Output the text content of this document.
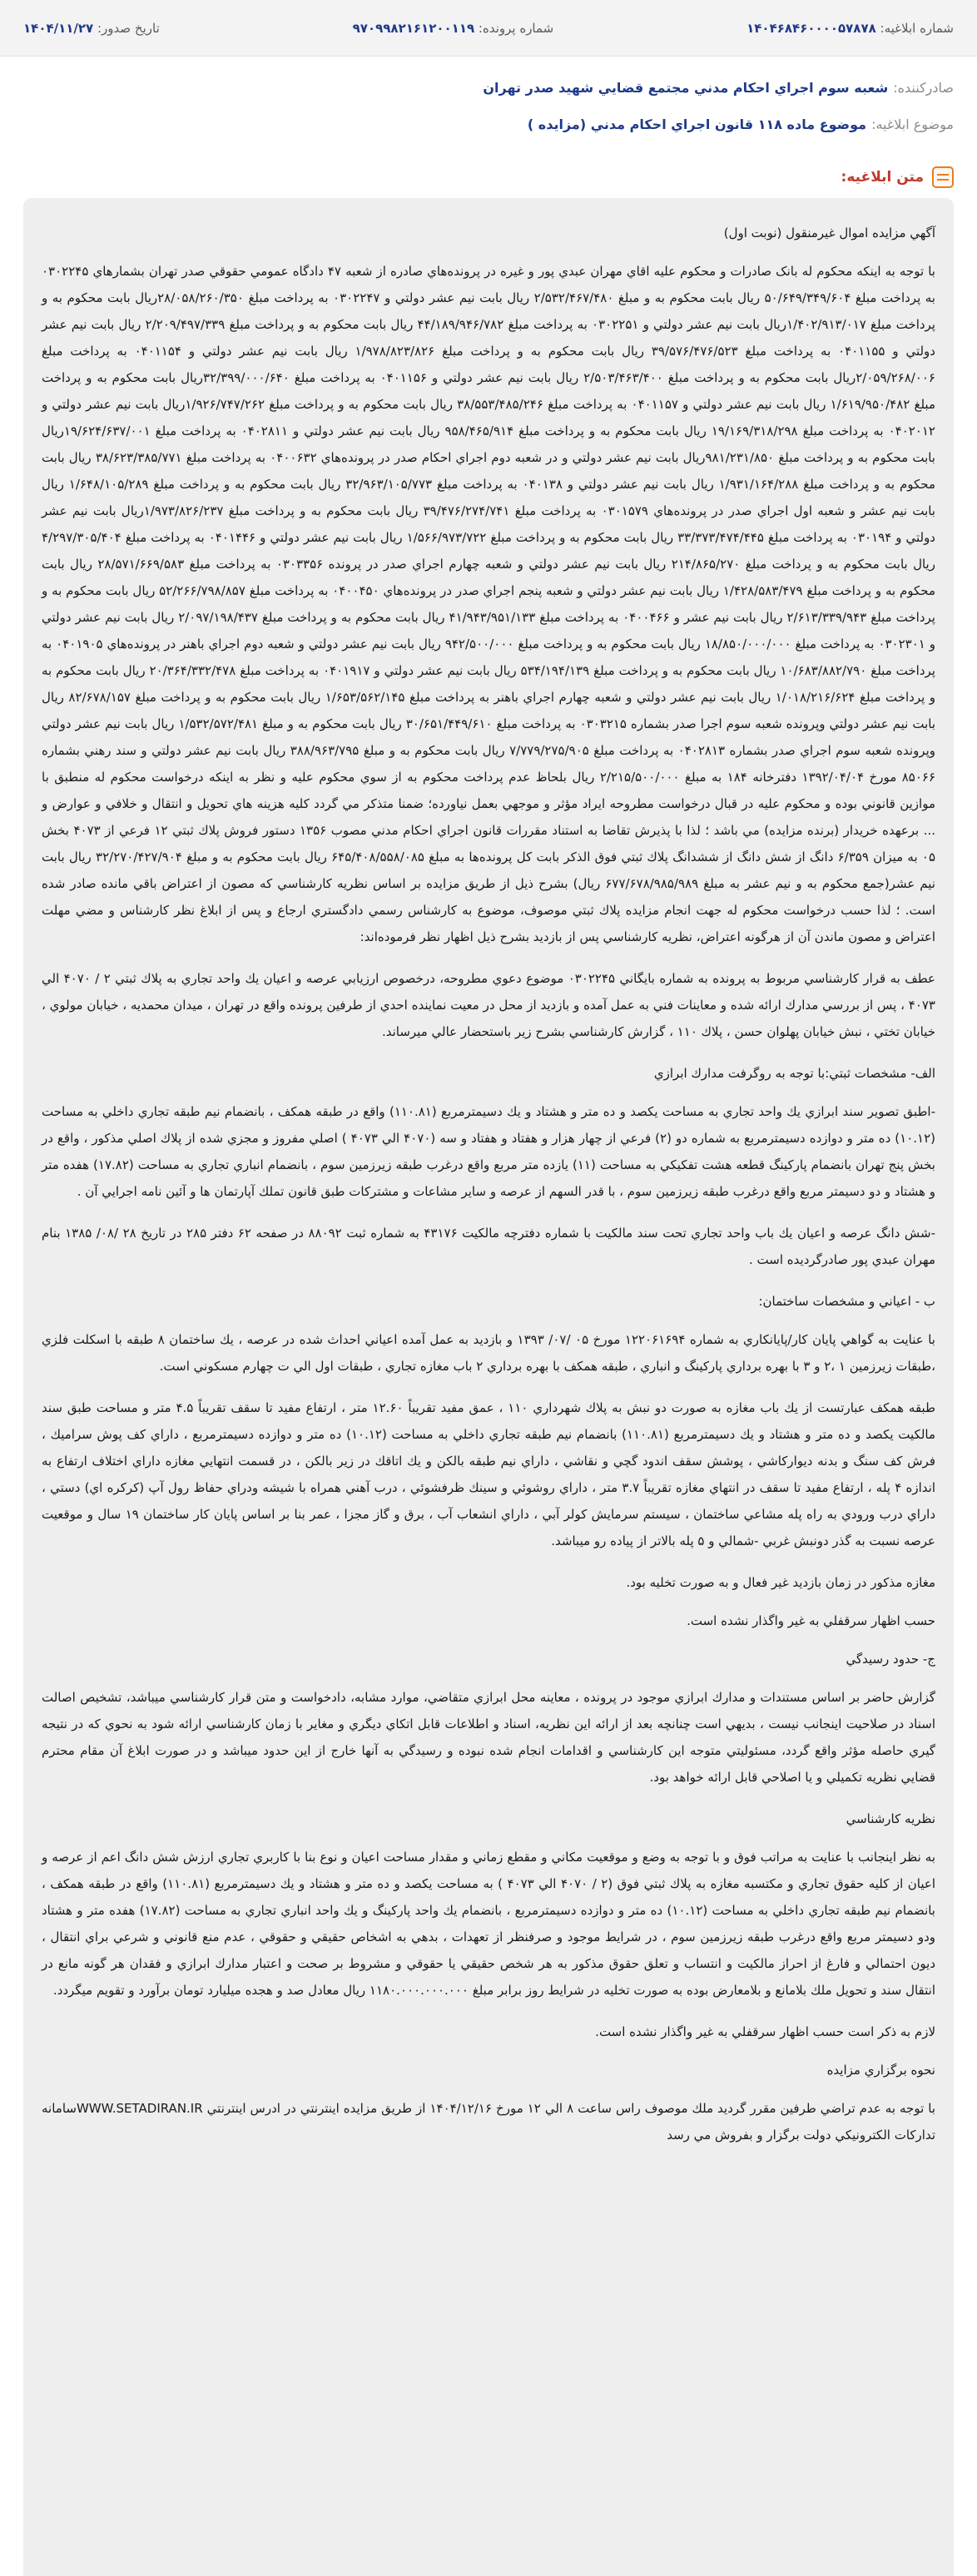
شماره ابلاغیه: ۱۴۰۴۶۸۴۶۰۰۰۰۵۷۸۷۸
شماره پرونده: ۹۷۰۹۹۸۲۱۶۱۲۰۰۱۱۹
تاریخ صدور: ۱۴۰۴/۱۱/۲۷
صادرکننده:
شعبه سوم اجراي احكام مدني مجتمع قضايي شهيد صدر تهران
موضوع ابلاغیه:
موضوع ماده ۱۱۸ قانون اجراي احكام مدني (مزايده )
متن ابلاغیه:

آگهي مزايده اموال غيرمنقول (نوبت اول)

با توجه به اينكه محكوم له بانک صادرات و محكوم عليه اقاي مهران عبدي پور و غيره در پرونده‌هاي صادره از شعبه ۴۷ دادگاه عمومي حقوقي صدر تهران بشمارهاي ۰۳۰۲۲۴۵ به پرداخت مبلغ ۵۰/۶۴۹/۳۴۹/۶۰۴ ريال بابت محكوم به و مبلغ ۲/۵۳۲/۴۶۷/۴۸۰ ريال بابت نيم عشر دولتي و ۰۳۰۲۲۴۷ به پرداخت مبلغ ۲۸/۰۵۸/۲۶۰/۳۵۰ريال بابت محكوم به و پرداخت مبلغ ۱/۴۰۲/۹۱۳/۰۱۷ريال بابت نيم عشر دولتي و ۰۳۰۲۲۵۱ به پرداخت مبلغ ۴۴/۱۸۹/۹۴۶/۷۸۲ ريال بابت محكوم به و پرداخت مبلغ ۲/۲۰۹/۴۹۷/۳۳۹ ريال بابت نيم عشر دولتي و ۰۴۰۱۱۵۵ به پرداخت مبلغ ۳۹/۵۷۶/۴۷۶/۵۲۳ ريال بابت محكوم به و پرداخت مبلغ ۱/۹۷۸/۸۲۳/۸۲۶ ريال بابت نيم عشر دولتي و ۰۴۰۱۱۵۴ به پرداخت مبلغ ۲/۰۵۹/۲۶۸/۰۰۶ريال بابت محكوم به و پرداخت مبلغ ۲/۵۰۳/۴۶۳/۴۰۰ ريال بابت نيم عشر دولتي و ۰۴۰۱۱۵۶ به پرداخت مبلغ ۳۲/۳۹۹/۰۰۰/۶۴۰ريال بابت محكوم به و پرداخت مبلغ ۱/۶۱۹/۹۵۰/۴۸۲ ريال بابت نيم عشر دولتي و ۰۴۰۱۱۵۷ به پرداخت مبلغ ۳۸/۵۵۳/۴۸۵/۲۴۶ ريال بابت محكوم به و پرداخت مبلغ ۱/۹۲۶/۷۴۷/۲۶۲ريال بابت نيم عشر دولتي و ۰۴۰۲۰۱۲ به پرداخت مبلغ ۱۹/۱۶۹/۳۱۸/۲۹۸ ريال بابت محكوم به و پرداخت مبلغ ۹۵۸/۴۶۵/۹۱۴ ريال بابت نيم عشر دولتي و ۰۴۰۲۸۱۱ به پرداخت مبلغ ۱۹/۶۲۴/۶۳۷/۰۰۱ريال بابت محكوم به و پرداخت مبلغ ۹۸۱/۲۳۱/۸۵۰ريال بابت نيم عشر دولتي و در شعبه دوم اجراي احكام صدر در پرونده‌هاي ۰۴۰۰۶۳۲ به پرداخت مبلغ ۳۸/۶۲۳/۳۸۵/۷۷۱ ريال بابت محكوم به و پرداخت مبلغ ۱/۹۳۱/۱۶۴/۲۸۸ ريال بابت نيم عشر دولتي و ۰۴۰۱۳۸ به پرداخت مبلغ ۳۲/۹۶۳/۱۰۵/۷۷۳ ريال بابت محكوم به و پرداخت مبلغ ۱/۶۴۸/۱۰۵/۲۸۹ ريال بابت نيم عشر و شعبه اول اجراي صدر در پرونده‌هاي ۰۳۰۱۵۷۹ به پرداخت مبلغ ۳۹/۴۷۶/۲۷۴/۷۴۱ ريال بابت محكوم به و پرداخت مبلغ ۱/۹۷۳/۸۲۶/۲۳۷ريال بابت نيم عشر دولتي و ۰۳۰۱۹۴ به پرداخت مبلغ ۳۳/۳۷۳/۴۷۴/۴۴۵ ريال بابت محكوم به و پرداخت مبلغ ۱/۵۶۶/۹۷۳/۷۲۲ ريال بابت نيم عشر دولتي و ۰۴۰۱۴۴۶ به پرداخت مبلغ ۴/۲۹۷/۳۰۵/۴۰۴ ريال بابت محكوم به و پرداخت مبلغ ۲۱۴/۸۶۵/۲۷۰ ريال بابت نيم عشر دولتي و شعبه چهارم اجراي صدر در پرونده ۰۳۰۳۳۵۶ به پرداخت مبلغ ۲۸/۵۷۱/۶۶۹/۵۸۳ ريال بابت محكوم به و پرداخت مبلغ ۱/۴۲۸/۵۸۳/۴۷۹ ريال بابت نيم عشر دولتي و شعبه پنجم اجراي صدر در پرونده‌هاي ۰۴۰۰۴۵۰ به پرداخت مبلغ ۵۲/۲۶۶/۷۹۸/۸۵۷ ريال بابت محكوم به و پرداخت مبلغ ۲/۶۱۳/۳۳۹/۹۴۳ ريال بابت نيم عشر و ۰۴۰۰۴۶۶ به پرداخت مبلغ ۴۱/۹۴۳/۹۵۱/۱۳۳ ريال بابت محكوم به و پرداخت مبلغ ۲/۰۹۷/۱۹۸/۴۳۷ ريال بابت نيم عشر دولتي و ۰۳۰۲۳۰۱ به پرداخت مبلغ ۱۸/۸۵۰/۰۰۰/۰۰۰ ريال بابت محكوم به و پرداخت مبلغ ۹۴۲/۵۰۰/۰۰۰ ريال بابت نيم عشر دولتي و شعبه دوم اجراي باهنر در پرونده‌هاي ۰۴۰۱۹۰۵ به پرداخت مبلغ ۱۰/۶۸۳/۸۸۲/۷۹۰ ريال بابت محكوم به و پرداخت مبلغ ۵۳۴/۱۹۴/۱۳۹ ريال بابت نيم عشر دولتي و ۰۴۰۱۹۱۷ به پرداخت مبلغ ۲۰/۳۶۴/۳۳۲/۴۷۸ ريال بابت محكوم به و پرداخت مبلغ ۱/۰۱۸/۲۱۶/۶۲۴ ريال بابت نيم عشر دولتي و شعبه چهارم اجراي باهنر به پرداخت مبلغ ۱/۶۵۳/۵۶۲/۱۴۵ ريال بابت محكوم به و پرداخت مبلغ ۸۲/۶۷۸/۱۵۷ ريال بابت نيم عشر دولتي وپرونده شعبه سوم اجرا صدر بشماره ۰۳۰۳۲۱۵ به پرداخت مبلغ ۳۰/۶۵۱/۴۴۹/۶۱۰ ريال بابت محكوم به و مبلغ ۱/۵۳۲/۵۷۲/۴۸۱ ريال بابت نيم عشر دولتي وپرونده شعبه سوم اجراي صدر بشماره ۰۴۰۲۸۱۳ به پرداخت مبلغ ۷/۷۷۹/۲۷۵/۹۰۵ ريال بابت محكوم به و مبلغ ۳۸۸/۹۶۳/۷۹۵ ريال بابت نيم عشر دولتي و سند رهني بشماره ۸۵۰۶۶ مورخ ۱۳۹۲/۰۴/۰۴ دفترخانه ۱۸۴ به مبلغ ۲/۲۱۵/۵۰۰/۰۰۰ ريال بلحاظ عدم پرداخت محكوم به از سوي محكوم عليه و نظر به اينكه درخواست محكوم له منطبق با موازين قانوني بوده و محكوم عليه در قبال درخواست مطروحه ايراد مؤثر و موجهي بعمل نياورده؛ ضمنا متذكر مي گردد كليه هزينه هاي تحويل و انتقال و خلافي و عوارض و ... برعهده خريدار (برنده مزايده) مي باشد ؛ لذا با پذيرش تقاضا به استناد مقررات قانون اجراي احكام مدني مصوب ۱۳۵۶ دستور فروش پلاك ثبتي ۱۲ فرعي از ۴۰۷۳ بخش ۰۵ به ميزان ۶/۳۵۹ دانگ از شش دانگ از ششدانگ پلاك ثبتي فوق الذكر بابت كل پرونده‌ها به مبلغ ۶۴۵/۴۰۸/۵۵۸/۰۸۵ ريال بابت محكوم به و مبلغ ۳۲/۲۷۰/۴۲۷/۹۰۴ ريال بابت نيم عشر(جمع محكوم به و نيم عشر به مبلغ ۶۷۷/۶۷۸/۹۸۵/۹۸۹ ريال) بشرح ذيل از طريق مزايده بر اساس نظريه كارشناسي كه مصون از اعتراض باقي مانده صادر شده است. ؛ لذا حسب درخواست محكوم له جهت انجام مزايده پلاك ثبتي موصوف، موضوع به كارشناس رسمي دادگستري ارجاع و پس از ابلاغ نظر كارشناس و مضي مهلت اعتراض و مصون ماندن آن از هرگونه اعتراض، نظريه كارشناسي پس از بازديد بشرح ذيل اظهار نظر فرموده‌اند:

عطف به قرار كارشناسي مربوط به پرونده به شماره بايگاني ۰۳۰۲۲۴۵ موضوع دعوي مطروحه، درخصوص ارزيابي عرصه و اعيان يك واحد تجاري به پلاك ثبتي ۲ / ۴۰۷۰ الي ۴۰۷۳ ، پس از بررسي مدارك ارائه شده و معاينات فني به عمل آمده و بازديد از محل در معيت نماينده احدي از طرفين پرونده واقع در تهران ، ميدان محمديه ، خيابان مولوي ، خيابان تختي ، نبش خيابان پهلوان حسن ، پلاك ۱۱۰ ، گزارش كارشناسي بشرح زير باستحضار عالي ميرساند.

الف- مشخصات ثبتي:با توجه به روگرفت مدارك ابرازي

-اطبق تصوير سند ابرازي يك واحد تجاري به مساحت يكصد و ده متر و هشتاد و يك دسيمترمربع (۱۱۰.۸۱) واقع در طبقه همكف ، بانضمام نيم طبقه تجاري داخلي به مساحت (۱۰.۱۲) ده متر و دوازده دسيمترمربع به شماره دو (۲) فرعي از چهار هزار و هفتاد و هفتاد و سه (۴۰۷۰ الي ۴۰۷۳ ) اصلي مفروز و مجزي شده از پلاك اصلي مذكور ، واقع در بخش پنج تهران بانضمام پاركينگ قطعه هشت تفكيكي به مساحت (۱۱) يازده متر مربع واقع درغرب طبقه زيرزمين سوم ، بانضمام انباري تجاري به مساحت (۱۷.۸۲) هفده متر و هشتاد و دو دسيمتر مربع واقع درغرب طبقه زيرزمين سوم ، با قدر السهم از عرصه و ساير مشاعات و مشتركات طبق قانون تملك آپارتمان ها و آئين نامه اجرايي آن .

-شش دانگ عرصه و اعيان يك باب واحد تجاري تحت سند مالكيت با شماره دفترچه مالكيت ۴۳۱۷۶ به شماره ثبت ۸۸۰۹۲ در صفحه ۶۲ دفتر ۲۸۵ در تاريخ ۲۸ /۰۸/ ۱۳۸۵ بنام مهران عبدي پور صادرگرديده است .

ب - اعياني و مشخصات ساختمان:

با عنايت به گواهي پايان كار/پايانكاري به شماره ۱۲۲۰۶۱۶۹۴ مورخ ۰۵ /۰۷/ ۱۳۹۳ و بازديد به عمل آمده اعياني احداث شده در عرصه ، يك ساختمان ۸ طبقه با اسكلت فلزي ،طبقات زيرزمين ۱ ،۲ و ۳ با بهره برداري پاركينگ و انباري ، طبقه همكف با بهره برداري ۲ باب مغازه تجاري ، طبقات اول الي ت چهارم مسكوني است.

طبقه همكف عبارتست از يك باب مغازه به صورت دو نبش به پلاك شهرداري ۱۱۰ ، عمق مفيد تقريباً ۱۲.۶۰ متر ، ارتفاع مفيد تا سقف تقريباً ۴.۵ متر و مساحت طبق سند مالكيت يكصد و ده متر و هشتاد و يك دسيمترمربع (۱۱۰.۸۱) بانضمام نيم طبقه تجاري داخلي به مساحت (۱۰.۱۲) ده متر و دوازده دسيمترمربع ، داراي كف پوش سراميك ، فرش كف سنگ و بدنه ديواركاشي ، پوشش سقف اندود گچي و نقاشي ، داراي نيم طبقه بالكن و يك اتاقك در زير بالكن ، در قسمت انتهايي مغازه داراي اختلاف ارتفاع به اندازه ۴ پله ، ارتفاع مفيد تا سقف در انتهاي مغازه تقريباً ۳.۷ متر ، داراي روشوئي و سينك ظرفشوئي ، درب آهني همراه با شيشه ودراي حفاظ رول آپ (كركره اي) دستي ، داراي درب ورودي به راه پله مشاعي ساختمان ، سيستم سرمايش كولر آبي ، داراي انشعاب آب ، برق و گاز مجزا ، عمر بنا بر اساس پايان كار ساختمان ۱۹ سال و موقعيت عرصه نسبت به گذر دونبش غربي -شمالي و ۵ پله بالاتر از پياده رو ميباشد.

مغازه مذكور در زمان بازديد غير فعال و به صورت تخليه بود.

حسب اظهار سرقفلي به غير واگذار نشده است.

ج- حدود رسيدگي

گزارش حاضر بر اساس مستندات و مدارك ابرازي موجود در پرونده ، معاينه محل ابرازي متقاضي، موارد مشابه، دادخواست و متن قرار كارشناسي ميباشد، تشخيص اصالت اسناد در صلاحيت اينجانب نيست ، بديهي است چنانچه بعد از ارائه اين نظريه، اسناد و اطلاعات قابل اتكاي ديگري و مغاير با زمان كارشناسي ارائه شود به نحوي كه در نتيجه گيري حاصله مؤثر واقع گردد، مسئوليتي متوجه اين كارشناسي و اقدامات انجام شده نبوده و رسيدگي به آنها خارج از اين حدود ميباشد و در صورت ابلاغ آن مقام محترم قضايي نظريه تكميلي و يا اصلاحي قابل ارائه خواهد بود.

نظريه كارشناسي

به نظر اينجانب با عنايت به مراتب فوق و با توجه به وضع و موقعيت مكاني و مقطع زماني و مقدار مساحت اعيان و نوع بنا با كاربري تجاري ارزش شش دانگ اعم از عرصه و اعيان از كليه حقوق تجاري و مكتسبه مغازه به پلاك ثبتي فوق (۲ / ۴۰۷۰ الي ۴۰۷۳ ) به مساحت يكصد و ده متر و هشتاد و يك دسيمترمربع (۱۱۰.۸۱) واقع در طبقه همكف ، بانضمام نيم طبقه تجاري داخلي به مساحت (۱۰.۱۲) ده متر و دوازده دسيمترمربع ، بانضمام يك واحد پاركينگ و يك واحد انباري تجاري به مساحت (۱۷.۸۲) هفده متر و هشتاد ودو دسيمتر مربع واقع درغرب طبقه زيرزمين سوم ، در شرايط موجود و صرفنظر از تعهدات ، بدهي به اشخاص حقيقي و حقوقي ، عدم منع قانوني و شرعي براي انتقال ، ديون احتمالي و فارغ از احراز مالكيت و انتساب و تعلق حقوق مذكور به هر شخص حقيقي يا حقوقي و مشروط بر صحت و اعتبار مدارك ابرازي و فقدان هر گونه مانع در انتقال سند و تحويل ملك بلامانع و بلامعارض بوده به صورت تخليه در شرايط روز برابر مبلغ ۱۱۸۰.۰۰۰.۰۰۰.۰۰۰ ريال معادل صد و هجده ميليارد تومان برآورد و تقويم ميگردد.

لازم به ذكر است حسب اظهار سرقفلي به غير واگذار نشده است.

نحوه برگزاري مزايده

با توجه به عدم تراضي طرفين مقرر گرديد ملك موصوف راس ساعت ۸ الي ۱۲ مورخ ۱۴۰۴/۱۲/۱۶ از طريق مزايده اينترنتي در ادرس اينترنتي WWW.SETADIRAN.IRسامانه تدارکات الكترونيكي دولت برگزار و بفروش مي رسد
